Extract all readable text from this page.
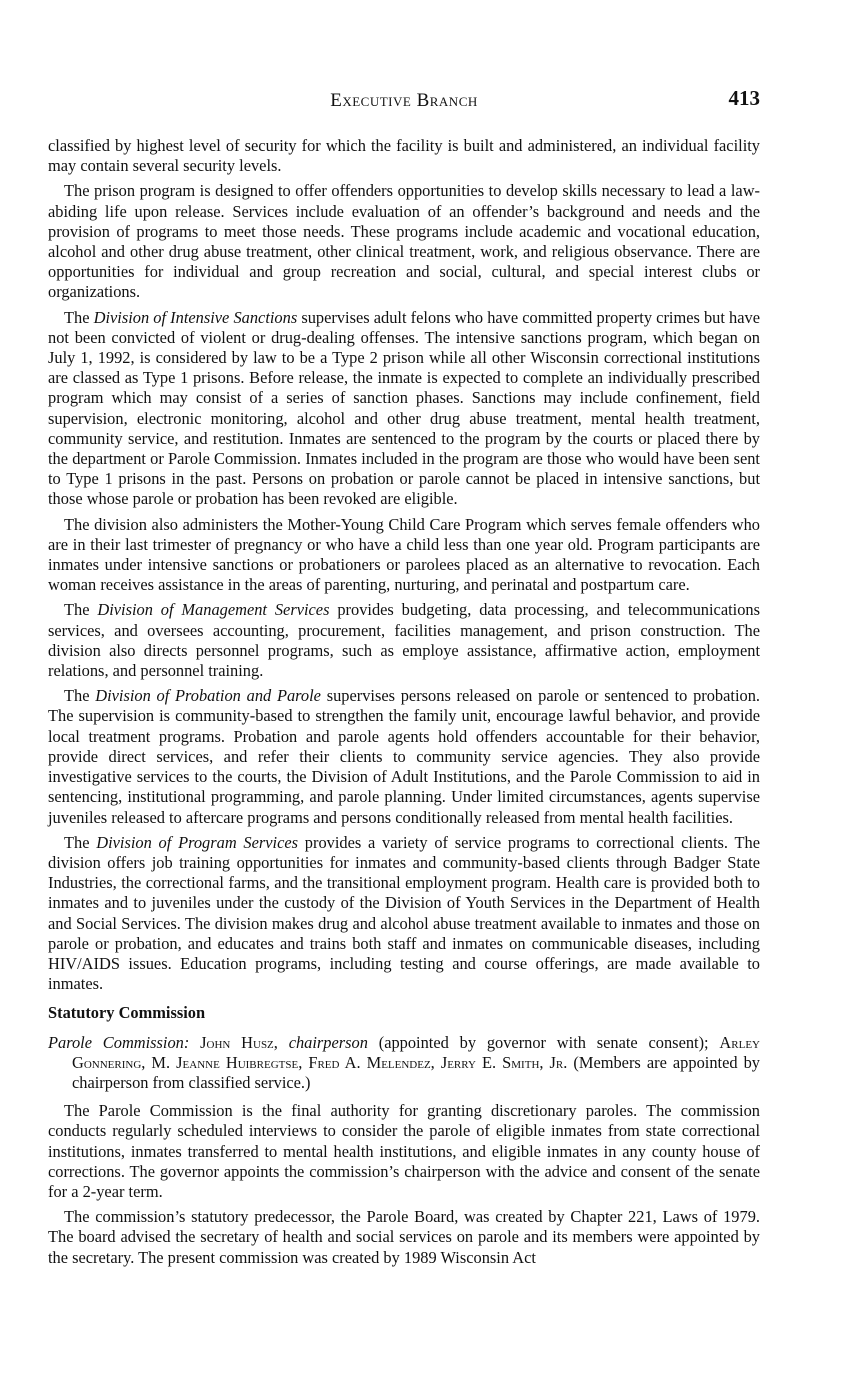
Executive Branch	413

classified by highest level of security for which the facility is built and administered, an individual facility may contain several security levels.

The prison program is designed to offer offenders opportunities to develop skills necessary to lead a law-abiding life upon release. Services include evaluation of an offender’s background and needs and the provision of programs to meet those needs. These programs include academic and vocational education, alcohol and other drug abuse treatment, other clinical treatment, work, and religious observance. There are opportunities for individual and group recreation and social, cultural, and special interest clubs or organizations.

The Division of Intensive Sanctions supervises adult felons who have committed property crimes but have not been convicted of violent or drug-dealing offenses. The intensive sanctions program, which began on July 1, 1992, is considered by law to be a Type 2 prison while all other Wisconsin correctional institutions are classed as Type 1 prisons. Before release, the inmate is expected to complete an individually prescribed program which may consist of a series of sanction phases. Sanctions may include confinement, field supervision, electronic monitoring, alcohol and other drug abuse treatment, mental health treatment, community service, and restitution. Inmates are sentenced to the program by the courts or placed there by the department or Parole Commission. Inmates included in the program are those who would have been sent to Type 1 prisons in the past. Persons on probation or parole cannot be placed in intensive sanctions, but those whose parole or probation has been revoked are eligible.

The division also administers the Mother-Young Child Care Program which serves female offenders who are in their last trimester of pregnancy or who have a child less than one year old. Program participants are inmates under intensive sanctions or probationers or parolees placed as an alternative to revocation. Each woman receives assistance in the areas of parenting, nurturing, and perinatal and postpartum care.

The Division of Management Services provides budgeting, data processing, and telecommunications services, and oversees accounting, procurement, facilities management, and prison construction. The division also directs personnel programs, such as employe assistance, affirmative action, employment relations, and personnel training.

The Division of Probation and Parole supervises persons released on parole or sentenced to probation. The supervision is community-based to strengthen the family unit, encourage lawful behavior, and provide local treatment programs. Probation and parole agents hold offenders accountable for their behavior, provide direct services, and refer their clients to community service agencies. They also provide investigative services to the courts, the Division of Adult Institutions, and the Parole Commission to aid in sentencing, institutional programming, and parole planning. Under limited circumstances, agents supervise juveniles released to aftercare programs and persons conditionally released from mental health facilities.

The Division of Program Services provides a variety of service programs to correctional clients. The division offers job training opportunities for inmates and community-based clients through Badger State Industries, the correctional farms, and the transitional employment program. Health care is provided both to inmates and to juveniles under the custody of the Division of Youth Services in the Department of Health and Social Services. The division makes drug and alcohol abuse treatment available to inmates and those on parole or probation, and educates and trains both staff and inmates on communicable diseases, including HIV/AIDS issues. Education programs, including testing and course offerings, are made available to inmates.

Statutory Commission

Parole Commission: John Husz, chairperson (appointed by governor with senate consent); Arley Gonnering, M. Jeanne Huibregtse, Fred A. Melendez, Jerry E. Smith, Jr. (Members are appointed by chairperson from classified service.)

The Parole Commission is the final authority for granting discretionary paroles. The commission conducts regularly scheduled interviews to consider the parole of eligible inmates from state correctional institutions, inmates transferred to mental health institutions, and eligible inmates in any county house of corrections. The governor appoints the commission’s chairperson with the advice and consent of the senate for a 2-year term.

The commission’s statutory predecessor, the Parole Board, was created by Chapter 221, Laws of 1979. The board advised the secretary of health and social services on parole and its members were appointed by the secretary. The present commission was created by 1989 Wisconsin Act
